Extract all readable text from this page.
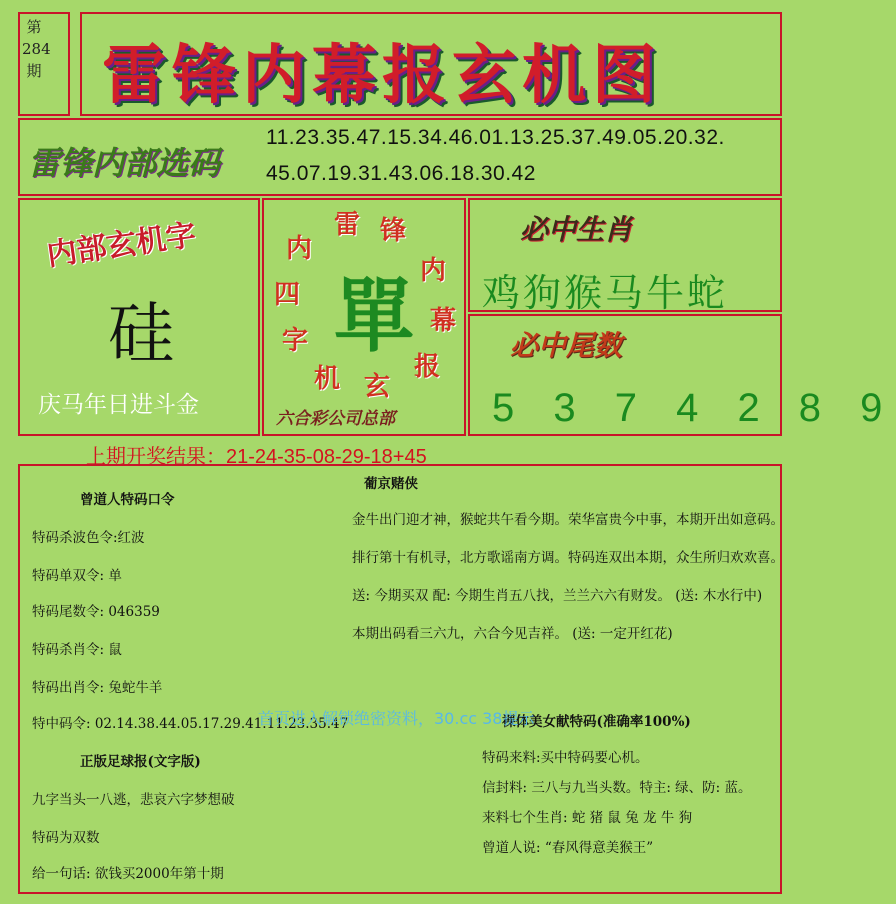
第284期 雷锋内幕报玄机图
雷锋内部选码
11.23.35.47.15.34.46.01.13.25.37.49.05.20.32.
45.07.19.31.43.06.18.30.42
内部玄机字
硅
庆马年日进斗金
雷 锋
内
幕
报
玄
机
字
四
内
單
六合彩公司总部
必中生肖
鸡狗猴马牛蛇
必中尾数
5 3 7 4 2 8 9
上期开奖结果：21-24-35-08-29-18+45
曾道人特码口令
特码杀波色令:红波
特码单双令: 单
特码尾数令: 046359
特码杀肖令: 鼠
特码出肖令: 兔蛇牛羊
特中码令: 02.14.38.44.05.17.29.41.11.23.35.47
正版足球报(文字版)
九字当头一八逃，悲哀六字梦想破
特码为双数
给一句话: 欲钱买2000年第十期
葡京赌侠
金牛出门迎才神，猴蛇共午看今期。荣华富贵今中事，本期开出如意码。
排行第十有机寻，北方歌谣南方调。特码连双出本期，众生所归欢欢喜。
送: 今期买双 配: 今期生肖五八找，兰兰六六有财发。 (送: 木水行中)
本期出码看三六九，六合今见吉祥。 (送: 一定开红花)
裸体美女献特码(准确率100%)
特码来料:买中特码要心机。
信封料: 三八与九当头数。特主: 绿、防: 蓝。
来料七个生肖: 蛇 猪 鼠 兔 龙 牛 狗
曾道人说: “春风得意美猴王”
首页进入解锁绝密资料，30.cc 38提示
